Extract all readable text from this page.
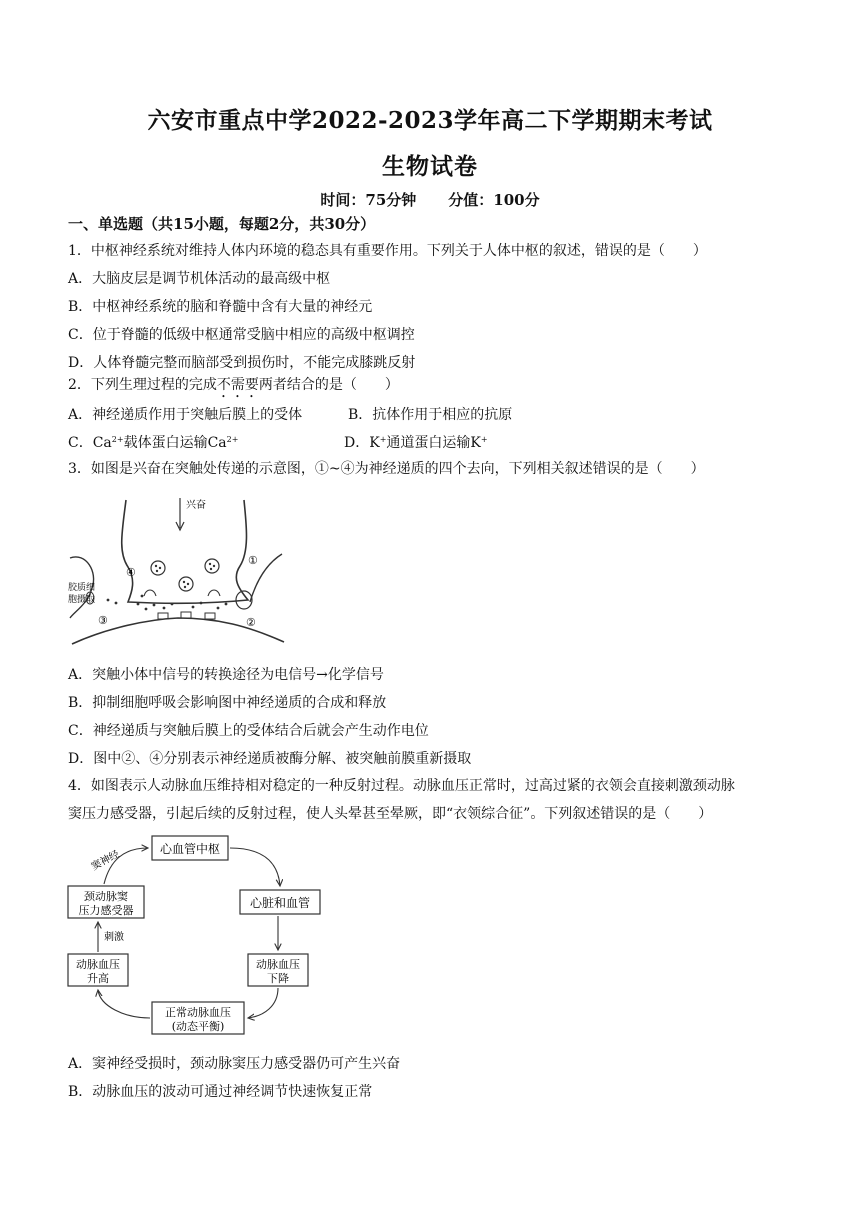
六安市重点中学2022-2023学年高二下学期期末考试
生物试卷
时间：75分钟 分值：100分
一、单选题（共15小题，每题2分，共30分）
1．中枢神经系统对维持人体内环境的稳态具有重要作用。下列关于人体中枢的叙述，错误的是（　　）
A．大脑皮层是调节机体活动的最高级中枢
B．中枢神经系统的脑和脊髓中含有大量的神经元
C．位于脊髓的低级中枢通常受脑中相应的高级中枢调控
D．人体脊髓完整而脑部受到损伤时，不能完成膝跳反射
2．下列生理过程的完成不需要两者结合的是（　　）
A．神经递质作用于突触后膜上的受体	B．抗体作用于相应的抗原
C．$Ca^{2+}$载体蛋白运输$Ca^{2+}$	D．K+通道蛋白运输K+
3．如图是兴奋在突触处传递的示意图，①~④为神经递质的四个去向，下列相关叙述错误的是（　　）
兴奋
④
①
③	②
胶质细
胞摄取
A．突触小体中信号的转换途径为电信号→化学信号
B．抑制细胞呼吸会影响图中神经递质的合成和释放
C．神经递质与突触后膜上的受体结合后就会产生动作电位
D．图中②、④分别表示神经递质被酶分解、被突触前膜重新摄取
4．如图表示人动脉血压维持相对稳定的一种反射过程。动脉血压正常时，过高过紧的衣领会直接刺激颈动脉
窦压力感受器，引起后续的反射过程，使人头晕甚至晕厥，即“衣领综合征”。下列叙述错误的是（　　）
心血管中枢
心脏和血管
动脉血压
下降
正常动脉血压
(动态平衡)
动脉血压
升高
颈动脉窦
压力感受器
窦神经
刺激
A．窦神经受损时，颈动脉窦压力感受器仍可产生兴奋
B．动脉血压的波动可通过神经调节快速恢复正常
